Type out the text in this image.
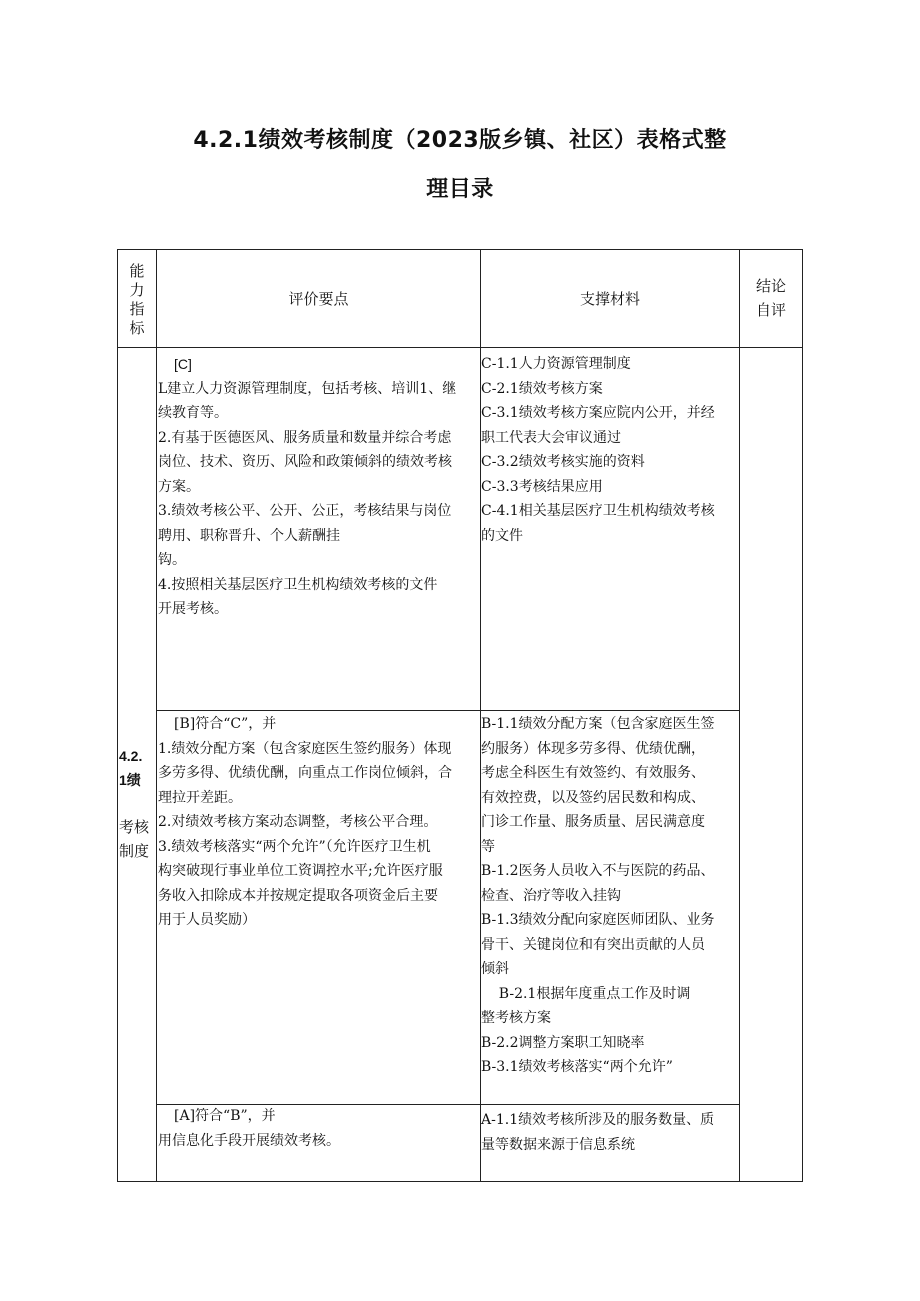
4.2.1绩效考核制度（2023版乡镇、社区）表格式整
理目录
能
力
指
标
评价要点	支撑材料
结论
自评
4.2.
1绩
考核
制度
[C]
L建立人力资源管理制度，包括考核、培训1、继
续教育等。
2.有基于医德医风、服务质量和数量并综合考虑
岗位、技术、资历、风险和政策倾斜的绩效考核
方案。
3.绩效考核公平、公开、公正，考核结果与岗位
聘用、职称晋升、个人薪酬挂
钩。
4.按照相关基层医疗卫生机构绩效考核的文件
开展考核。
C-1.1人力资源管理制度
C-2.1绩效考核方案
C-3.1绩效考核方案应院内公开，并经
职工代表大会审议通过
C-3.2绩效考核实施的资料
C-3.3考核结果应用
C-4.1相关基层医疗卫生机构绩效考核
的文件
[B]符合“C”，并
1.绩效分配方案（包含家庭医生签约服务）体现
多劳多得、优绩优酬，向重点工作岗位倾斜，合
理拉开差距。
2.对绩效考核方案动态调整，考核公平合理。
3.绩效考核落实“两个允许”（允许医疗卫生机
构突破现行事业单位工资调控水平;允许医疗服
务收入扣除成本并按规定提取各项资金后主要
用于人员奖励）
B-1.1绩效分配方案（包含家庭医生签
约服务）体现多劳多得、优绩优酬，
考虑全科医生有效签约、有效服务、
有效控费，以及签约居民数和构成、
门诊工作量、服务质量、居民满意度
等
B-1.2医务人员收入不与医院的药品、
检查、治疗等收入挂钩
B-1.3绩效分配向家庭医师团队、业务
骨干、关键岗位和有突出贡献的人员
倾斜
B-2.1根据年度重点工作及时调
整考核方案
B-2.2调整方案职工知晓率
B-3.1绩效考核落实“两个允许”
[A]符合“B”，并
用信息化手段开展绩效考核。
A-1.1绩效考核所涉及的服务数量、质
量等数据来源于信息系统
